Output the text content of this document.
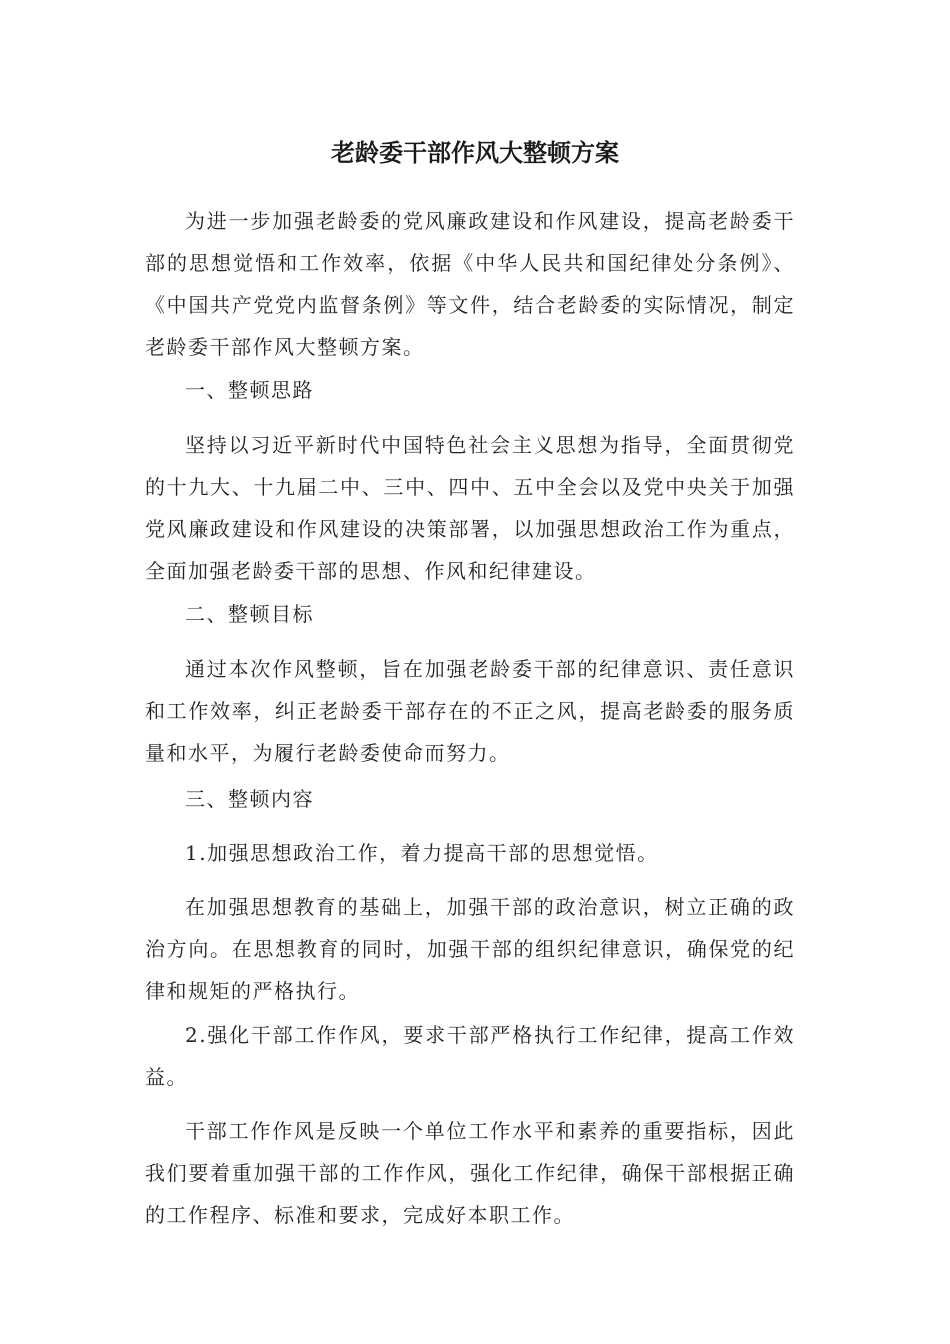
老龄委干部作风大整顿方案

为进一步加强老龄委的党风廉政建设和作风建设，提高老龄委干部的思想觉悟和工作效率，依据《中华人民共和国纪律处分条例》、《中国共产党党内监督条例》等文件，结合老龄委的实际情况，制定老龄委干部作风大整顿方案。

一、整顿思路

坚持以习近平新时代中国特色社会主义思想为指导，全面贯彻党的十九大、十九届二中、三中、四中、五中全会以及党中央关于加强党风廉政建设和作风建设的决策部署，以加强思想政治工作为重点，全面加强老龄委干部的思想、作风和纪律建设。

二、整顿目标

通过本次作风整顿，旨在加强老龄委干部的纪律意识、责任意识和工作效率，纠正老龄委干部存在的不正之风，提高老龄委的服务质量和水平，为履行老龄委使命而努力。

三、整顿内容

1.加强思想政治工作，着力提高干部的思想觉悟。

在加强思想教育的基础上，加强干部的政治意识，树立正确的政治方向。在思想教育的同时，加强干部的组织纪律意识，确保党的纪律和规矩的严格执行。

2.强化干部工作作风，要求干部严格执行工作纪律，提高工作效益。

干部工作作风是反映一个单位工作水平和素养的重要指标，因此我们要着重加强干部的工作作风，强化工作纪律，确保干部根据正确的工作程序、标准和要求，完成好本职工作。
